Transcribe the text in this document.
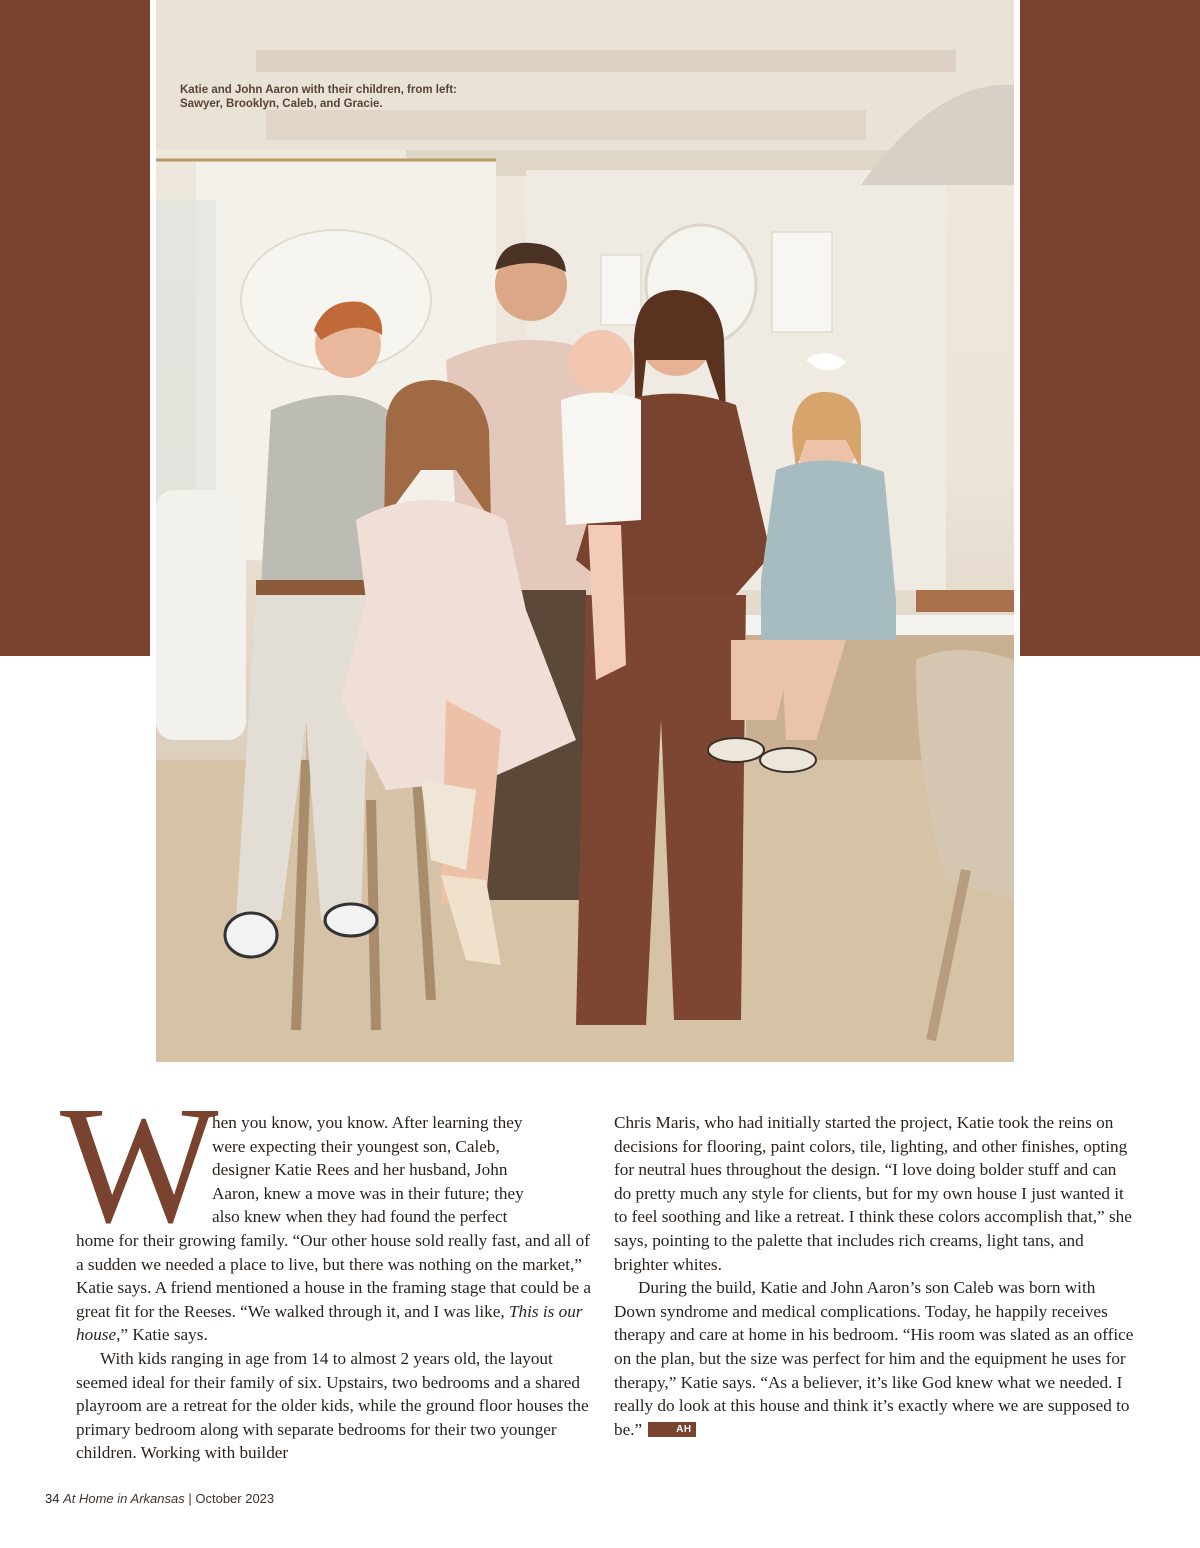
Katie and John Aaron with their children, from left: Sawyer, Brooklyn, Caleb, and Gracie.
W

hen you know, you know. After learning they
were expecting their youngest son, Caleb,
designer Katie Rees and her husband, John
Aaron, knew a move was in their future; they
also knew when they had found the perfect
home for their growing family. “Our other house sold really fast, and all of a sudden we needed a place to live, but there was nothing on the market,” Katie says. A friend mentioned a house in the framing stage that could be a great fit for the Reeses. “We walked through it, and I was like, This is our house,” Katie says.

With kids ranging in age from 14 to almost 2 years old, the layout seemed ideal for their family of six. Upstairs, two bedrooms and a shared playroom are a retreat for the older kids, while the ground floor houses the primary bedroom along with separate bedrooms for their two younger children. Working with builder

Chris Maris, who had initially started the project, Katie took the reins on decisions for flooring, paint colors, tile, lighting, and other finishes, opting for neutral hues throughout the design. “I love doing bolder stuff and can do pretty much any style for clients, but for my own house I just wanted it to feel soothing and like a retreat. I think these colors accomplish that,” she says, pointing to the palette that includes rich creams, light tans, and brighter whites.

During the build, Katie and John Aaron’s son Caleb was born with Down syndrome and medical complications. Today, he happily receives therapy and care at home in his bedroom. “His room was slated as an office on the plan, but the size was perfect for him and the equipment he uses for therapy,” Katie says. “As a believer, it’s like God knew what we needed. I really do look at this house and think it’s exactly where we are supposed to be.”	AH

34 At Home in Arkansas | October 2023
